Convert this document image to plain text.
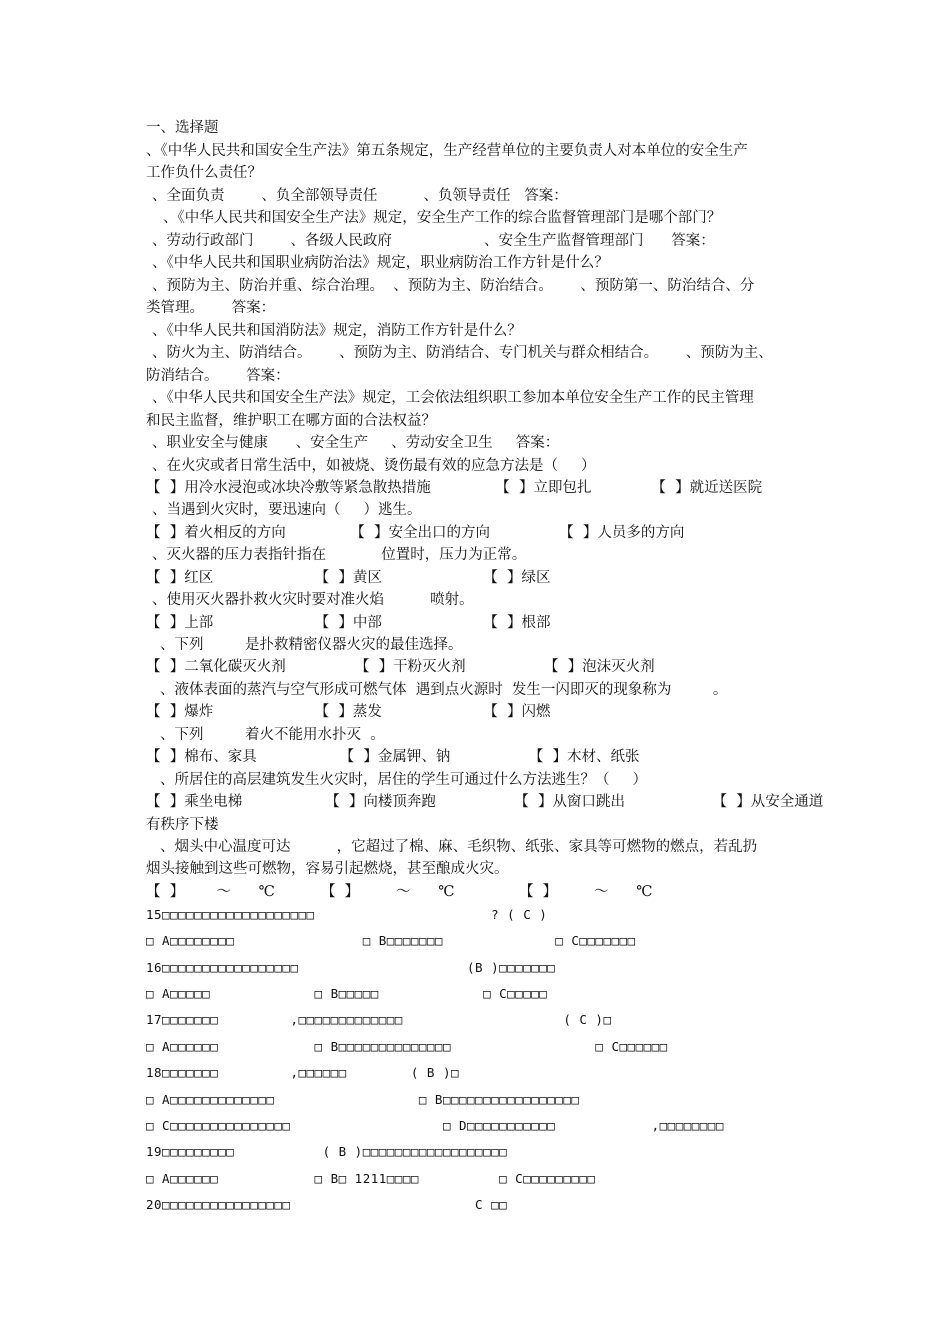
一、选择题
、《中华人民共和国安全生产法》第五条规定，生产经营单位的主要负责人对本单位的安全生产
工作负什么责任？
、全面负责        、负全部领导责任          、负领导责任   答案：
、《中华人民共和国安全生产法》规定，安全生产工作的综合监督管理部门是哪个部门？
、劳动行政部门        、各级人民政府                    、安全生产监督管理部门      答案：
、《中华人民共和国职业病防治法》规定，职业病防治工作方针是什么？
、预防为主、防治并重、综合治理。  、预防为主、防治结合。      、预防第一、防治结合、分
类管理。      答案：
、《中华人民共和国消防法》规定，消防工作方针是什么？
、防火为主、防消结合。      、预防为主、防消结合、专门机关与群众相结合。      、预防为主、
防消结合。      答案：
、《中华人民共和国安全生产法》规定，工会依法组织职工参加本单位安全生产工作的民主管理
和民主监督，维护职工在哪方面的合法权益？
、职业安全与健康      、安全生产     、劳动安全卫生     答案：
、在火灾或者日常生活中，如被烧、烫伤最有效的应急方法是（     ）
【  】用冷水浸泡或冰块冷敷等紧急散热措施              【  】立即包扎             【  】就近送医院
、当遇到火灾时，要迅速向（     ）逃生。
【  】着火相反的方向              【  】安全出口的方向               【  】人员多的方向
、灭火器的压力表指针指在            位置时，压力为正常。
【  】红区                      【  】黄区                      【  】绿区
、使用灭火器扑救火灾时要对准火焰          喷射。
【  】上部                      【  】中部                      【  】根部
、下列         是扑救精密仪器火灾的最佳选择。
【  】二氧化碳灭火剂               【  】干粉灭火剂                 【  】泡沫灭火剂
、液体表面的蒸汽与空气形成可燃气体  遇到点火源时  发生一闪即灭的现象称为         。
【  】爆炸                      【  】蒸发                      【  】闪燃
、下列         着火不能用水扑灭  。
【  】棉布、家具                  【  】金属钾、钠                 【  】木材、纸张
、所居住的高层建筑发生火灾时，居住的学生可通过什么方法逃生？（     ）
【  】乘坐电梯                  【  】向楼顶奔跑                 【  】从窗口跳出                   【  】从安全通道
有秩序下楼
、烟头中心温度可达          ，它超过了棉、麻、毛织物、纸张、家具等可燃物的燃点，若乱扔
烟头接触到这些可燃物，容易引起燃烧，甚至酿成火灾。
【  】       ～      ℃          【  】        ～      ℃              【  】        ～      ℃
15□□□□□□□□□□□□□□□□□□□                      ? ( C )
□ A□□□□□□□□                □ B□□□□□□□              □ C□□□□□□□
16□□□□□□□□□□□□□□□□□                     (B )□□□□□□□
□ A□□□□□             □ B□□□□□             □ C□□□□□
17□□□□□□□         ,□□□□□□□□□□□□□                    ( C )□
□ A□□□□□□            □ B□□□□□□□□□□□□□□                  □ C□□□□□□
18□□□□□□□         ,□□□□□□        ( B )□
□ A□□□□□□□□□□□□□                  □ B□□□□□□□□□□□□□□□□□
□ C□□□□□□□□□□□□□□□                   □ D□□□□□□□□□□□            ,□□□□□□□□
19□□□□□□□□□           ( B )□□□□□□□□□□□□□□□□□□
□ A□□□□□□            □ B□ 1211□□□□          □ C□□□□□□□□□
20□□□□□□□□□□□□□□□□                       C □□
